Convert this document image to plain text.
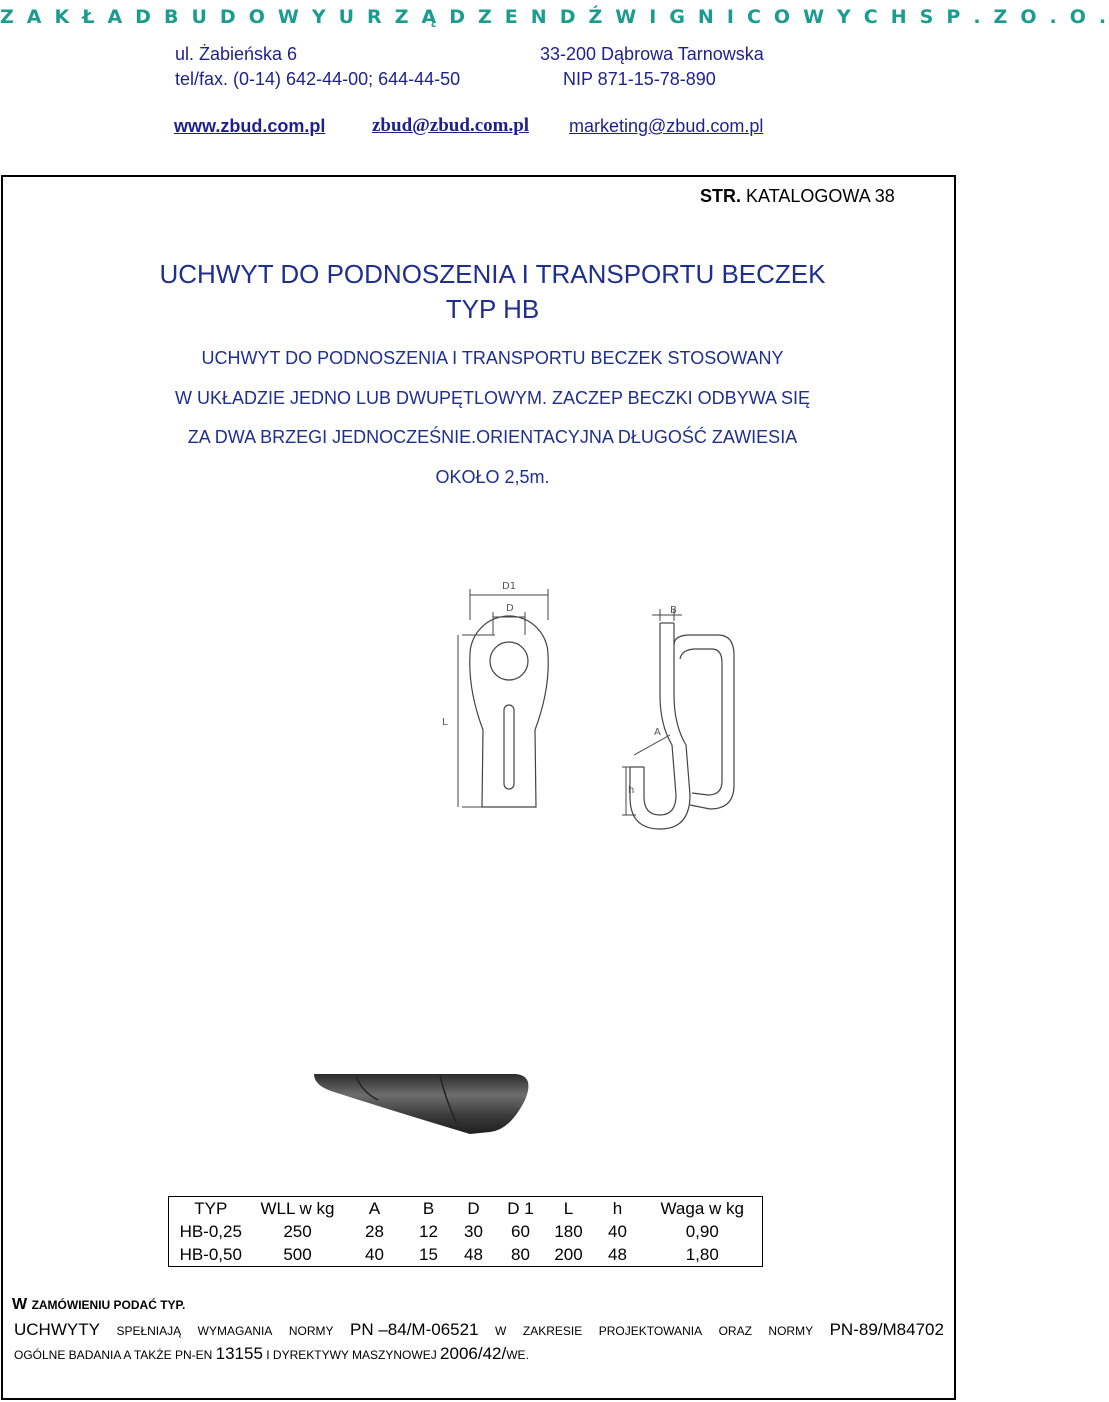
Z A K Ł A D B U D O W Y U R Z Ą D Z E N D Ź W I G N I C O W Y C H S P . Z O . O .
ul. Żabieńska 6	33-200 Dąbrowa Tarnowska
tel/fax. (0-14) 642-44-00; 644-44-50	NIP 871-15-78-890
www.zbud.com.pl zbud@zbud.com.pl marketing@zbud.com.pl
STR. KATALOGOWA 38
UCHWYT DO PODNOSZENIA I TRANSPORTU BECZEK
TYP HB
UCHWYT DO PODNOSZENIA I TRANSPORTU BECZEK STOSOWANY
W UKŁADZIE JEDNO LUB DWUPĘTLOWYM. ZACZEP BECZKI ODBYWA SIĘ
ZA DWA BRZEGI JEDNOCZEŚNIE.ORIENTACYJNA DŁUGOŚĆ ZAWIESIA
OKOŁO 2,5m.
D1
D
L
B
A
h
TYP	WLL w kg	A	B	D	D 1	L	h	Waga w kg
HB-0,25	250	28	12	30	60	180	40	0,90
HB-0,50	500	40	15	48	80	200	48	1,80
W ZAMÓWIENIU PODAĆ TYP.
UCHWYTY SPEŁNIAJĄ WYMAGANIA NORMY PN –84/M-06521 W ZAKRESIE PROJEKTOWANIA ORAZ NORMY PN-89/M84702
OGÓLNE BADANIA A TAKŻE PN-EN 13155 I DYREKTYWY MASZYNOWEJ 2006/42/WE.
